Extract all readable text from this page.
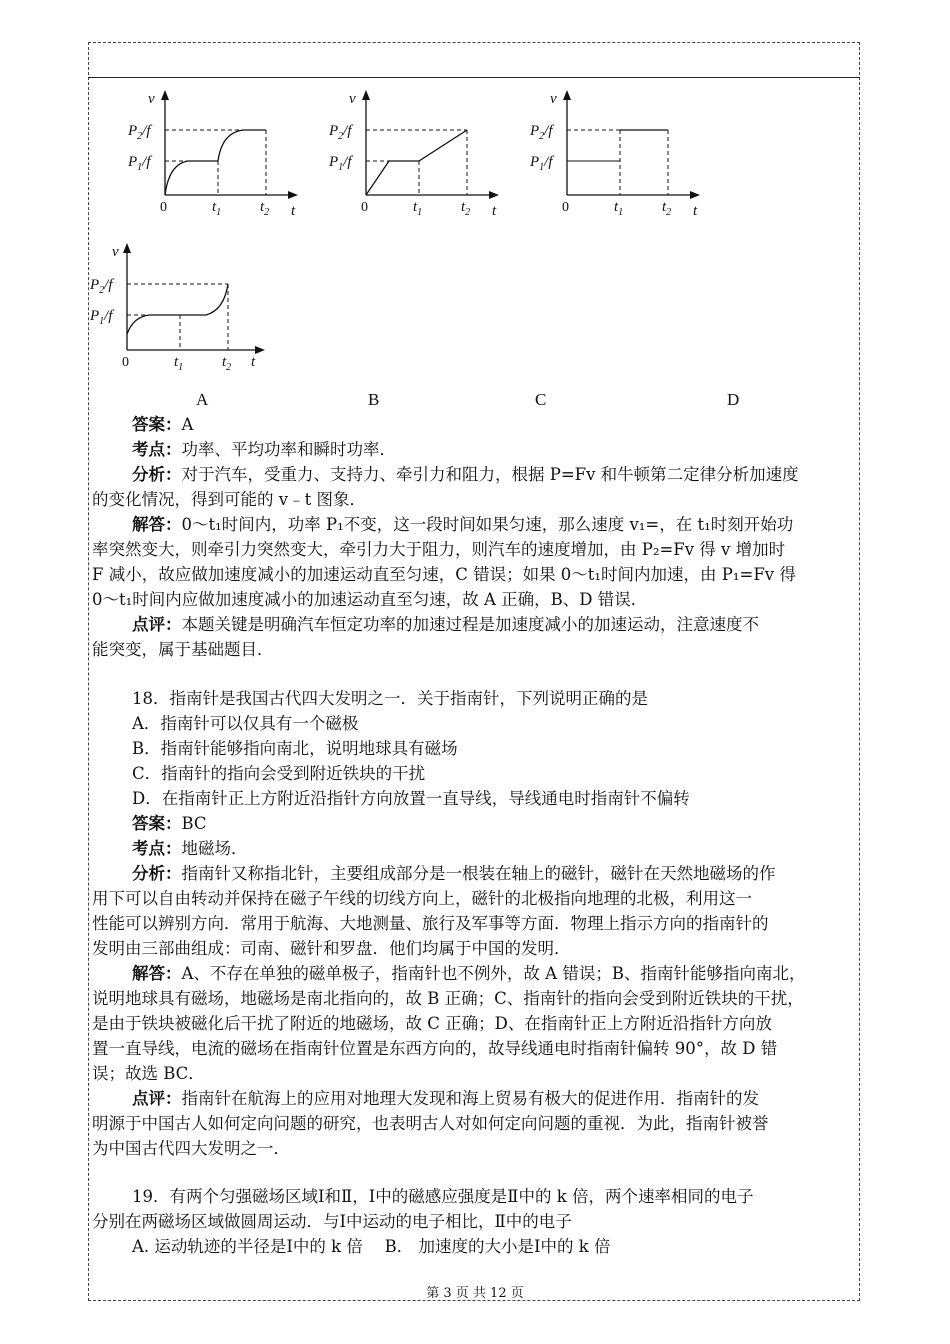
v
t
0
$P_2/f$
$P_1/f$
$t_1$	$t_2$
v
t
0
$P_2/f$
$P_1/f$
$t_1$	$t_2$
v
t
0
$P_2/f$
$P_1/f$
$t_1$	$t_2$
v
t
0
$P_2/f$
$P_1/f$
$t_1$	$t_2$
A	B	C	D
答案：A
考点：功率、平均功率和瞬时功率．
分析：对于汽车，受重力、支持力、牵引力和阻力，根据 P=Fv 和牛顿第二定律分析加速度
的变化情况，得到可能的 v﹣t 图象．
解答：0～t₁时间内，功率 P₁不变，这一段时间如果匀速，那么速度 v₁=，在 t₁时刻开始功
率突然变大，则牵引力突然变大，牵引力大于阻力，则汽车的速度增加，由 P₂=Fv 得 v 增加时
F 减小，故应做加速度减小的加速运动直至匀速，C 错误；如果 0～t₁时间内加速，由 P₁=Fv 得
0～t₁时间内应做加速度减小的加速运动直至匀速，故 A 正确，B、D 错误．
点评：本题关键是明确汽车恒定功率的加速过程是加速度减小的加速运动，注意速度不
能突变，属于基础题目．
18．指南针是我国古代四大发明之一．关于指南针，下列说明正确的是
A．指南针可以仅具有一个磁极
B．指南针能够指向南北，说明地球具有磁场
C．指南针的指向会受到附近铁块的干扰
D．在指南针正上方附近沿指针方向放置一直导线，导线通电时指南针不偏转
答案：BC
考点：地磁场．
分析：指南针又称指北针，主要组成部分是一根装在轴上的磁针，磁针在天然地磁场的作
用下可以自由转动并保持在磁子午线的切线方向上，磁针的北极指向地理的北极，利用这一
性能可以辨别方向．常用于航海、大地测量、旅行及军事等方面．物理上指示方向的指南针的
发明由三部曲组成：司南、磁针和罗盘．他们均属于中国的发明．
解答：A、不存在单独的磁单极子，指南针也不例外，故 A 错误；B、指南针能够指向南北，
说明地球具有磁场，地磁场是南北指向的，故 B 正确；C、指南针的指向会受到附近铁块的干扰，
是由于铁块被磁化后干扰了附近的地磁场，故 C 正确；D、在指南针正上方附近沿指针方向放
置一直导线，电流的磁场在指南针位置是东西方向的，故导线通电时指南针偏转 90°，故 D 错
误；故选 BC．
点评：指南针在航海上的应用对地理大发现和海上贸易有极大的促进作用．指南针的发
明源于中国古人如何定向问题的研究，也表明古人对如何定向问题的重视．为此，指南针被誉
为中国古代四大发明之一．
19．有两个匀强磁场区域Ⅰ和Ⅱ，Ⅰ中的磁感应强度是Ⅱ中的 k 倍，两个速率相同的电子
分别在两磁场区域做圆周运动．与Ⅰ中运动的电子相比，Ⅱ中的电子
A. 运动轨迹的半径是Ⅰ中的 k 倍　 B． 加速度的大小是Ⅰ中的 k 倍
第 3 页 共 12 页
